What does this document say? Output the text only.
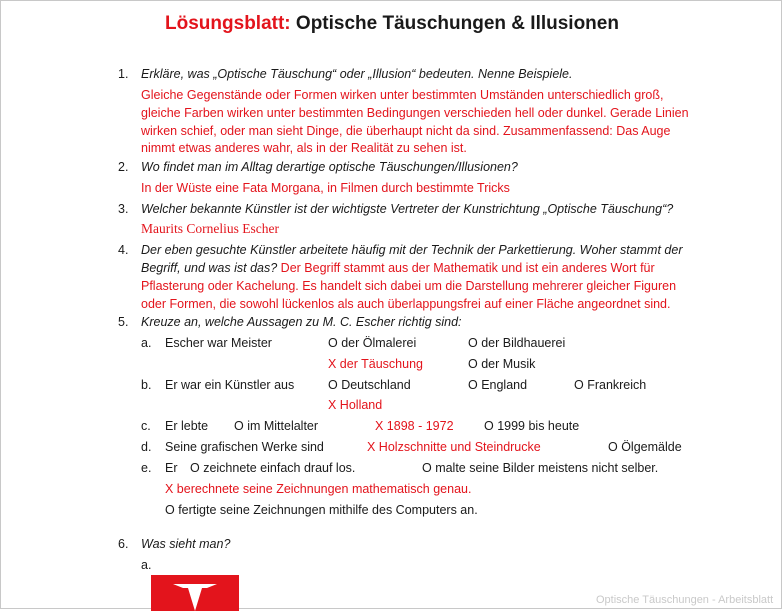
Lösungsblatt: Optische Täuschungen & Illusionen
1. Erkläre, was „Optische Täuschung“ oder „Illusion“ bedeuten. Nenne Beispiele.
Gleiche Gegenstände oder Formen wirken unter bestimmten Umständen unterschiedlich groß,
gleiche Farben wirken unter bestimmten Bedingungen verschieden hell oder dunkel. Gerade Linien
wirken schief, oder man sieht Dinge, die überhaupt nicht da sind. Zusammenfassend: Das Auge
nimmt etwas anderes wahr, als in der Realität zu sehen ist.
2. Wo findet man im Alltag derartige optische Täuschungen/Illusionen?
In der Wüste eine Fata Morgana, in Filmen durch bestimmte Tricks
3. Welcher bekannte Künstler ist der wichtigste Vertreter der Kunstrichtung „Optische Täuschung“?
Maurits Cornelius Escher
4. Der eben gesuchte Künstler arbeitete häufig mit der Technik der Parkettierung. Woher stammt der
Begriff, und was ist das? Der Begriff stammt aus der Mathematik und ist ein anderes Wort für
Pflasterung oder Kachelung. Es handelt sich dabei um die Darstellung mehrerer gleicher Figuren
oder Formen, die sowohl lückenlos als auch überlappungsfrei auf einer Fläche angeordnet sind.
5. Kreuze an, welche Aussagen zu M. C. Escher richtig sind:
a. Escher war Meister	O der Ölmalerei	O der Bildhauerei
X der Täuschung	O der Musik
b. Er war ein Künstler aus	O Deutschland	O England	O Frankreich
X Holland
c. Er lebte O im Mittelalter	X 1898 - 1972 O 1999 bis heute
d. Seine grafischen Werke sind	X Holzschnitte und Steindrucke	O Ölgemälde
e. Er O zeichnete einfach drauf los.	O malte seine Bilder meistens nicht selber.
X berechnete seine Zeichnungen mathematisch genau.
O fertigte seine Zeichnungen mithilfe des Computers an.
6. Was sieht man?
a.
Optische Täuschungen - Arbeitsblatt
